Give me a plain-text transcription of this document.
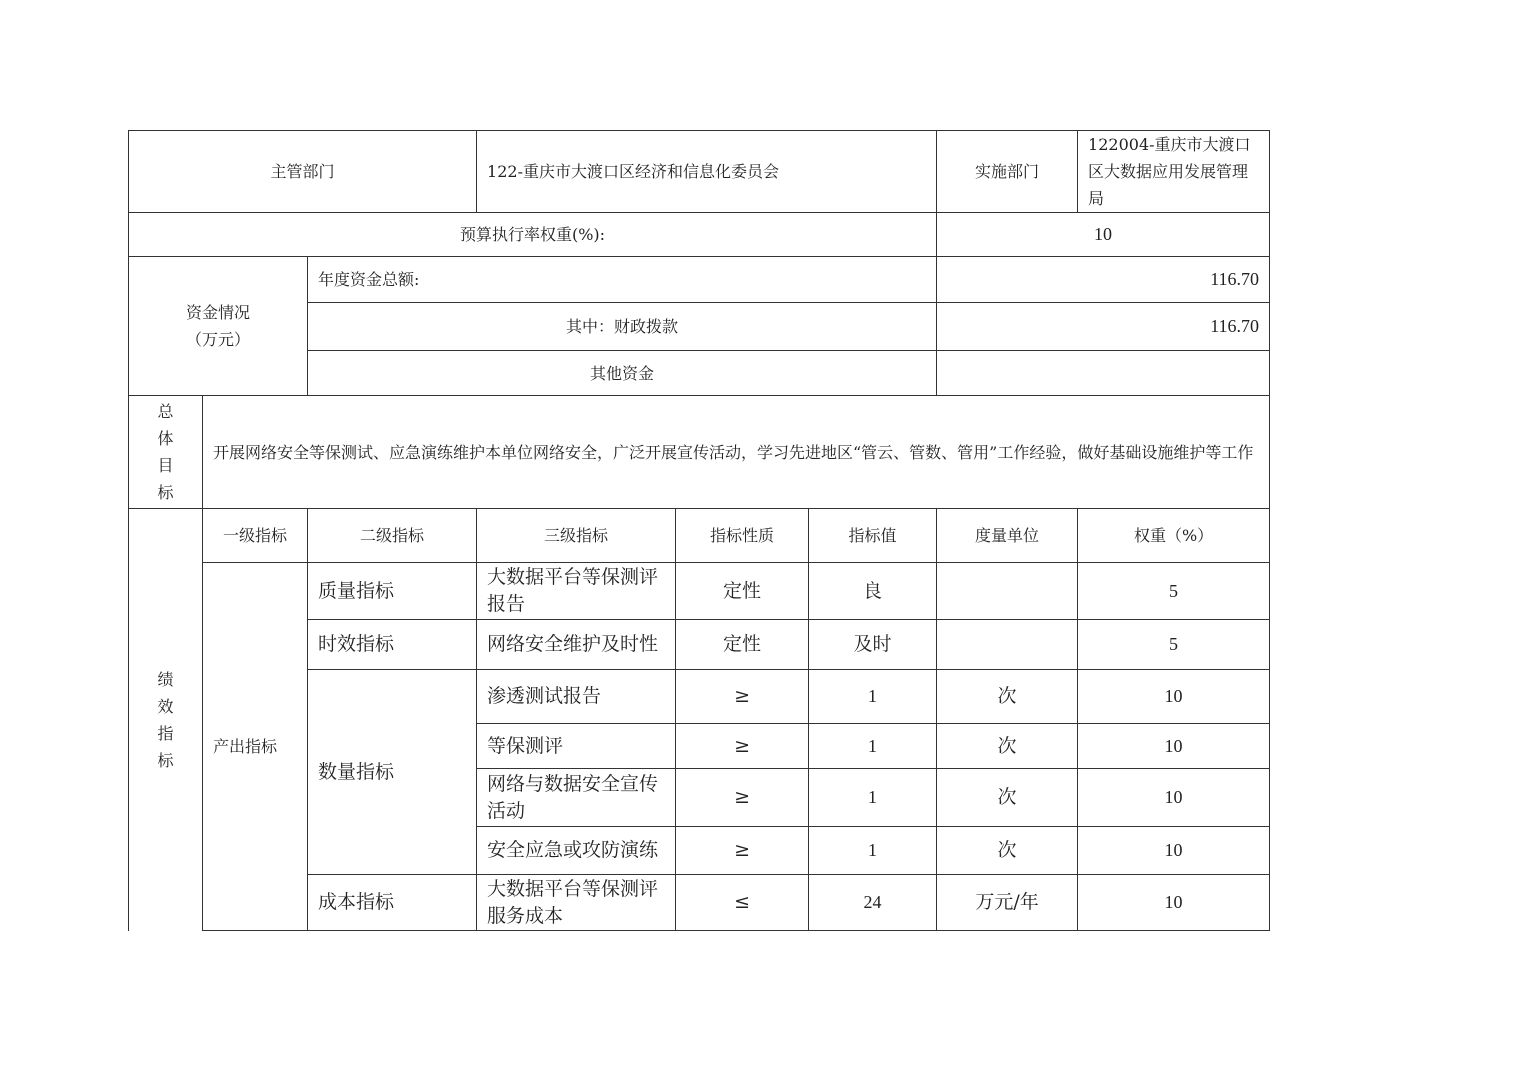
主管部门			122-重庆市大渡口区经济和信息化委员会			实施部门	122004-重庆市大渡口区大数据应用发展管理局
预算执行率权重(%):						10	

资金情况
（万元）		年度资金总额:				116.70	
		其中：财政拨款				116.70	
		其他资金					

总
体
目
标	开展网络安全等保测试、应急演练维护本单位网络安全，广泛开展宣传活动，学习先进地区“管云、管数、管用”工作经验，做好基础设施维护等工作						

绩
效
指
标	一级指标	二级指标	三级指标	指标性质	指标值	度量单位	权重（%）
	产出指标	质量指标	大数据平台等保测评报告	定性	良		5
		时效指标	网络安全维护及时性	定性	及时		5
		数量指标	渗透测试报告	≥	1	次	10
			等保测评	≥	1	次	10
			网络与数据安全宣传活动	≥	1	次	10
			安全应急或攻防演练	≥	1	次	10
		成本指标	大数据平台等保测评服务成本	≤	24	万元/年	10
